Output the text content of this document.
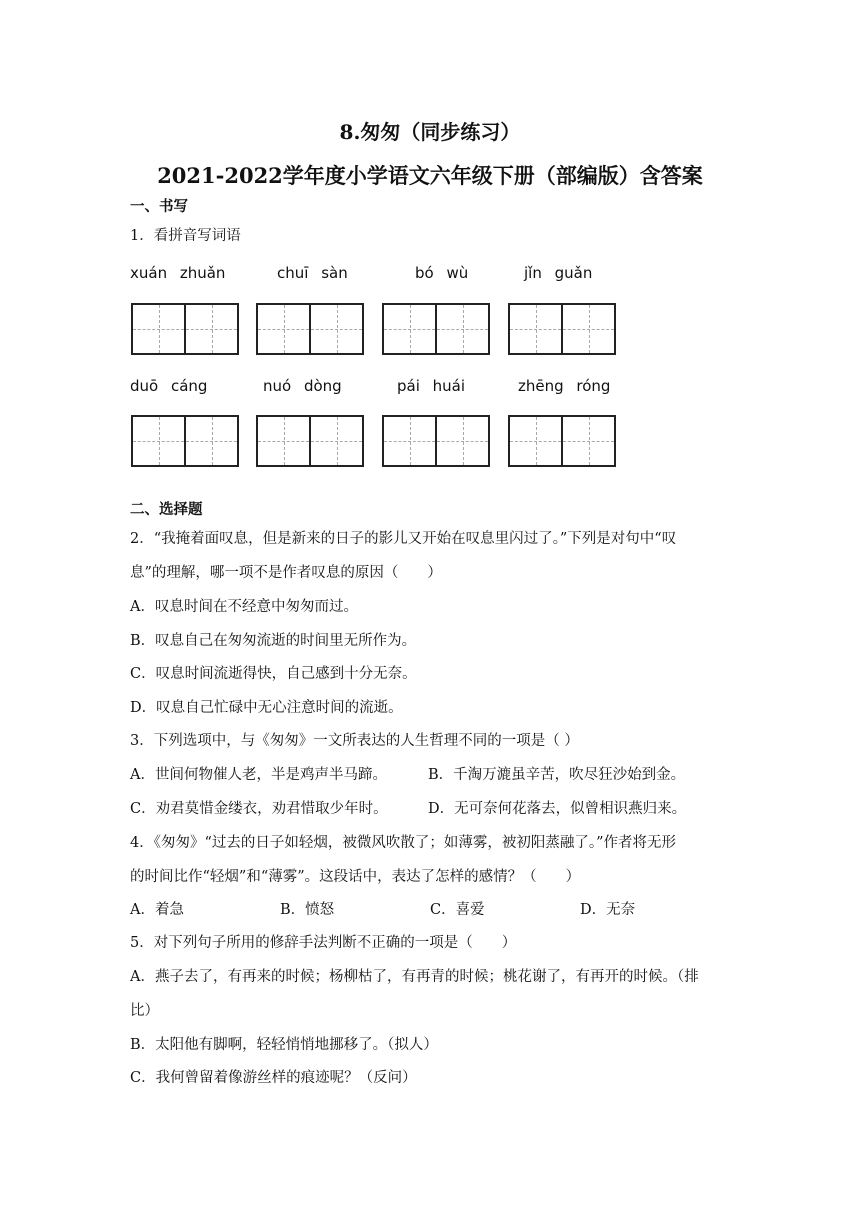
8.匆匆（同步练习）
2021-2022学年度小学语文六年级下册（部编版）含答案
一、书写
1．看拼音写词语
xuán zhuǎn	chuī sàn	bó wù	jǐn guǎn
duō cáng	nuó dòng	pái huái	zhēng róng
二、选择题
2．“我掩着面叹息，但是新来的日子的影儿又开始在叹息里闪过了。”下列是对句中“叹
息”的理解，哪一项不是作者叹息的原因（　　）
A．叹息时间在不经意中匆匆而过。
B．叹息自己在匆匆流逝的时间里无所作为。
C．叹息时间流逝得快，自己感到十分无奈。
D．叹息自己忙碌中无心注意时间的流逝。
3．下列选项中，与《匆匆》一文所表达的人生哲理不同的一项是（ ）
A．世间何物催人老，半是鸡声半马蹄。	B．千淘万漉虽辛苦，吹尽狂沙始到金。
C．劝君莫惜金缕衣，劝君惜取少年时。	D．无可奈何花落去，似曾相识燕归来。
4．《匆匆》“过去的日子如轻烟，被微风吹散了；如薄雾，被初阳蒸融了。”作者将无形
的时间比作“轻烟”和“薄雾”。这段话中，表达了怎样的感情？（　　）
A．着急	B．愤怒	C．喜爱	D．无奈
5．对下列句子所用的修辞手法判断不正确的一项是（　　）
A．燕子去了，有再来的时候；杨柳枯了，有再青的时候；桃花谢了，有再开的时候。（排
比）
B．太阳他有脚啊，轻轻悄悄地挪移了。（拟人）
C．我何曾留着像游丝样的痕迹呢？（反问）
